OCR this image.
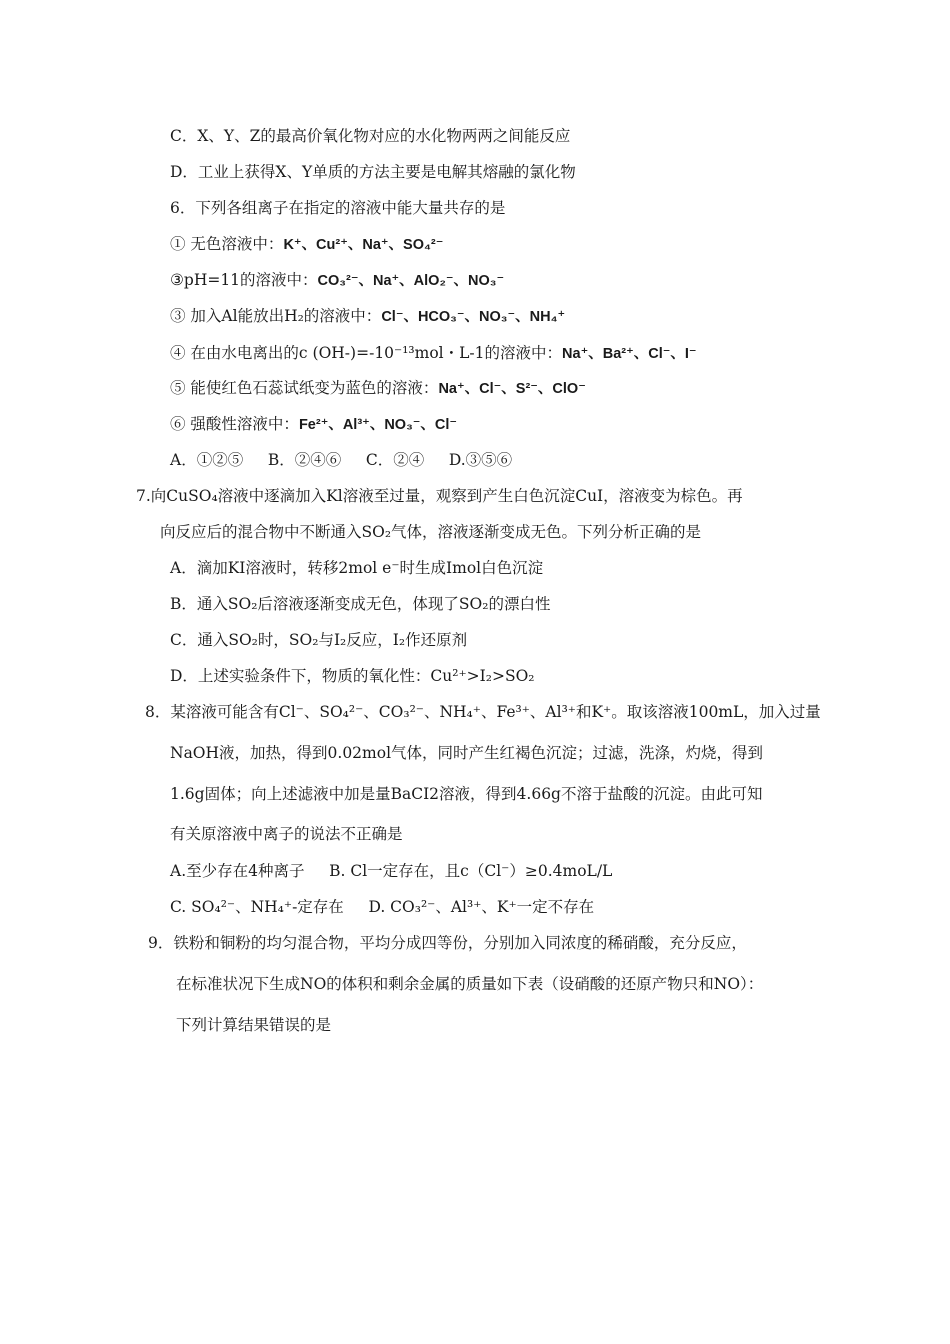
C．X、Y、Z的最高价氧化物对应的水化物两两之间能反应
D．工业上获得X、Y单质的方法主要是电解其熔融的氯化物
6．下列各组离子在指定的溶液中能大量共存的是
① 无色溶液中：K⁺、Cu²⁺、Na⁺、SO₄²⁻
③pH=11的溶液中：CO₃²⁻、Na⁺、AlO₂⁻、NO₃⁻
③ 加入Al能放出H₂的溶液中：Cl⁻、HCO₃⁻、NO₃⁻、NH₄⁺
④ 在由水电离出的c (OH-)=-10⁻¹³mol・L-1的溶液中：Na⁺、Ba²⁺、Cl⁻、I⁻
⑤ 能使红色石蕊试纸变为蓝色的溶液：Na⁺、Cl⁻、S²⁻、ClO⁻
⑥ 强酸性溶液中：Fe²⁺、Al³⁺、NO₃⁻、Cl⁻
A．①②⑤     B．②④⑥     C．②④     D.③⑤⑥
7.向CuSO₄溶液中逐滴加入Kl溶液至过量，观察到产生白色沉淀CuI，溶液变为棕色。再
向反应后的混合物中不断通入SO₂气体，溶液逐渐变成无色。下列分析正确的是
A．滴加KI溶液时，转移2mol e⁻时生成Imol白色沉淀
B．通入SO₂后溶液逐渐变成无色，体现了SO₂的漂白性
C．通入SO₂时，SO₂与I₂反应，I₂作还原剂
D．上述实验条件下，物质的氧化性：Cu²⁺>I₂>SO₂
8．某溶液可能含有Cl⁻、SO₄²⁻、CO₃²⁻、NH₄⁺、Fe³⁺、Al³⁺和K⁺。取该溶液100mL，加入过量
NaOH液，加热，得到0.02mol气体，同时产生红褐色沉淀；过滤，洗涤，灼烧，得到
1.6g固体；向上述滤液中加是量BaCI2溶液，得到4.66g不溶于盐酸的沉淀。由此可知
有关原溶液中离子的说法不正确是
A.至少存在4种离子     B. Cl一定存在，且c（Cl⁻）≥0.4moL/L
C. SO₄²⁻、NH₄⁺-定存在     D. CO₃²⁻、Al³⁺、K⁺一定不存在
9．铁粉和铜粉的均匀混合物，平均分成四等份，分别加入同浓度的稀硝酸，充分反应，
在标准状况下生成NO的体积和剩余金属的质量如下表（设硝酸的还原产物只和NO）：
下列计算结果错误的是
